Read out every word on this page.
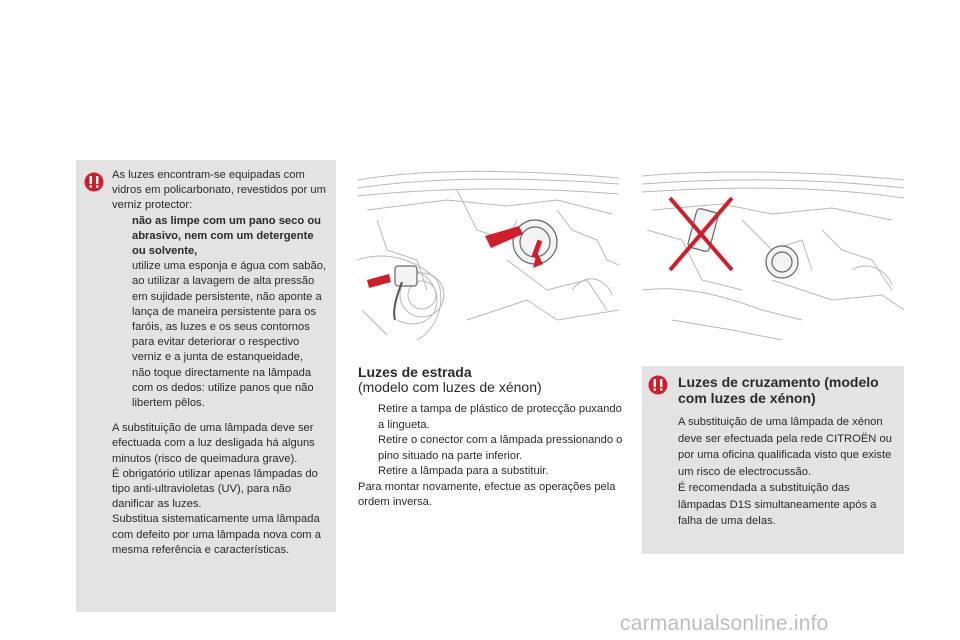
As luzes encontram-se equipadas com vidros em policarbonato, revestidos por um verniz protector:

não as limpe com um pano seco ou abrasivo, nem com um detergente ou solvente,
utilize uma esponja e água com sabão,
ao utilizar a lavagem de alta pressão em sujidade persistente, não aponte a lança de maneira persistente para os faróis, as luzes e os seus contornos para evitar deteriorar o respectivo verniz e a junta de estanqueidade,
não toque directamente na lâmpada com os dedos: utilize panos que não libertem pêlos.

A substituição de uma lâmpada deve ser efectuada com a luz desligada há alguns minutos (risco de queimadura grave).

É obrigatório utilizar apenas lâmpadas do tipo anti-ultravioletas (UV), para não danificar as luzes.

Substitua sistematicamente uma lâmpada com defeito por uma lâmpada nova com a mesma referência e características.

Luzes de estrada
(modelo com luzes de xénon)
Retire a tampa de plástico de protecção puxando a lingueta.
Retire o conector com a lâmpada pressionando o pino situado na parte inferior.
Retire a lâmpada para a substituir.

Para montar novamente, efectue as operações pela ordem inversa.

Luzes de cruzamento (modelo com luzes de xénon)
A substituição de uma lâmpada de xénon deve ser efectuada pela rede CITROËN ou por uma oficina qualificada visto que existe um risco de electrocussão.
É recomendada a substituição das lâmpadas D1S simultaneamente após a falha de uma delas.
carmanualsonline.info
